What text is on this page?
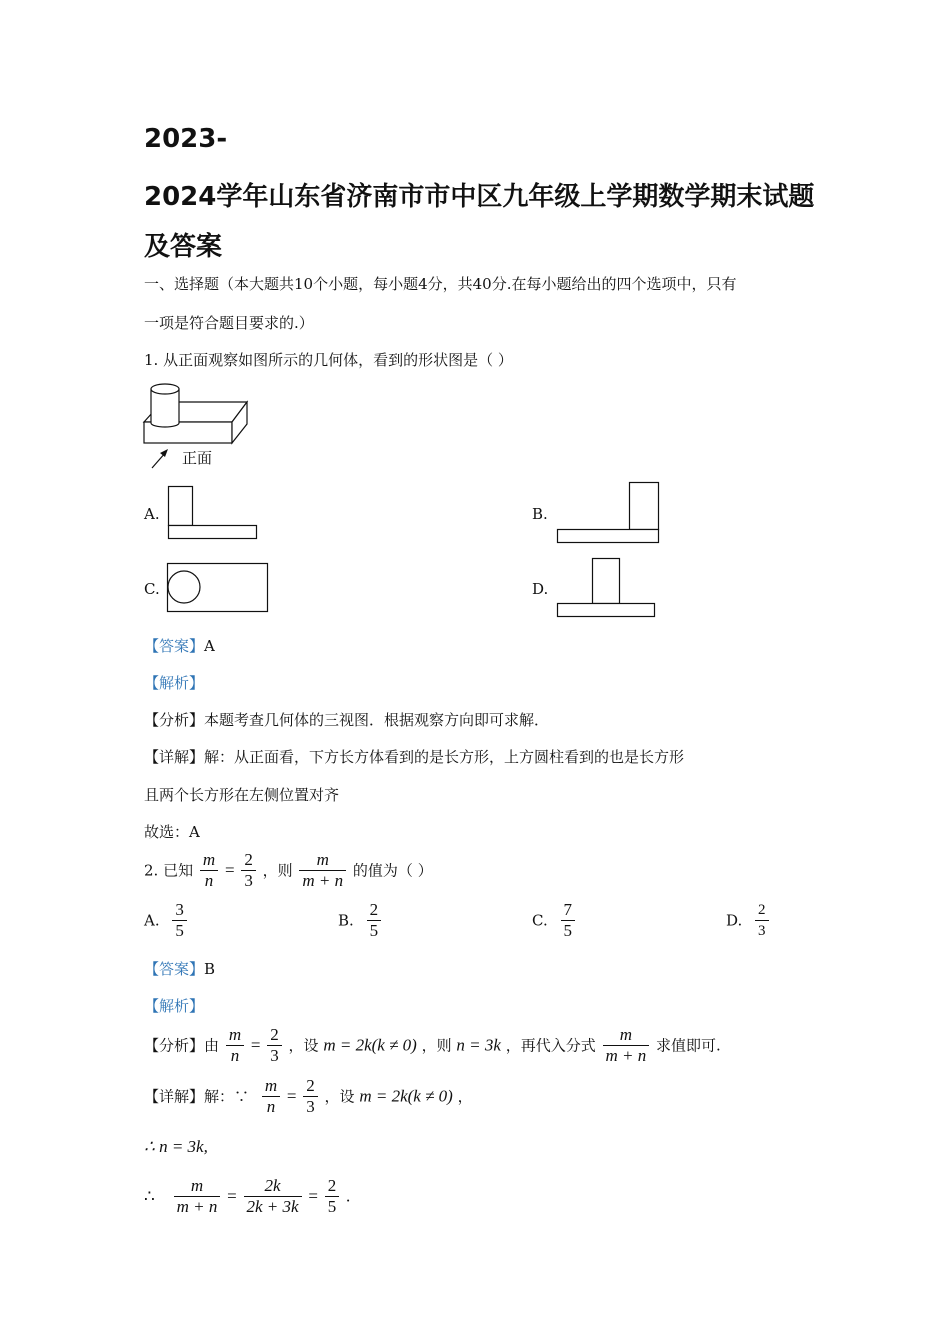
2023-
2024学年山东省济南市市中区九年级上学期数学期末试题
及答案
一、选择题（本大题共10个小题，每小题4分，共40分.在每小题给出的四个选项中，只有
一项是符合题目要求的.）
1. 从正面观察如图所示的几何体，看到的形状图是（ ）
正面
A.	B.
C.	D.
【答案】A
【解析】
【分析】本题考查几何体的三视图．根据观察方向即可求解．
【详解】解：从正面看，下方长方体看到的是长方形，上方圆柱看到的也是长方形
且两个长方形在左侧位置对齐
故选：A
2. 已知 $\frac{m}{n} = \frac{2}{3}$ ，则 $\frac{m}{m + n}$ 的值为（ ）
A. $\frac{3}{5}$	B. $\frac{2}{5}$	C. $\frac{7}{5}$	D. $\frac{2}{3}$
【答案】B
【解析】
【分析】由 $\frac{m}{n} = \frac{2}{3}$ ，设 m = 2k(k ≠ 0) ，则 n = 3k ，再代入分式 $\frac{m}{m + n}$ 求值即可.
【详解】解：∵ $\frac{m}{n} = \frac{2}{3}$ ，设 m = 2k(k ≠ 0) ，
∴ n = 3k,
∴ $\frac{m}{m + n} = \frac{2k}{2k + 3k} = \frac{2}{5}$ .
